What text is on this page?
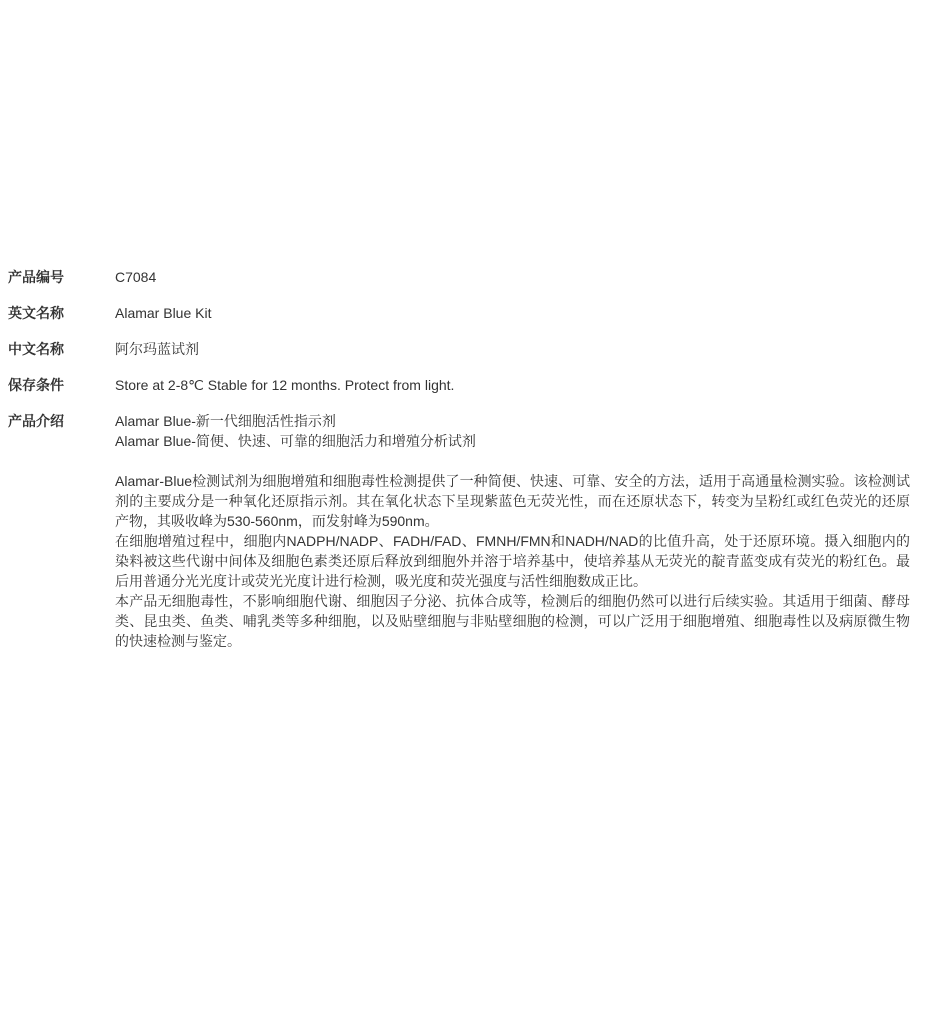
产品编号	C7084
英文名称	Alamar Blue Kit
中文名称	阿尔玛蓝试剂
保存条件	Store at 2-8℃ Stable for 12 months. Protect from light.
产品介绍	Alamar Blue-新一代细胞活性指示剂
Alamar Blue-简便、快速、可靠的细胞活力和增殖分析试剂
Alamar-Blue检测试剂为细胞增殖和细胞毒性检测提供了一种简便、快速、可靠、安全的方法，适用于高通量检测实验。该检测试剂的主要成分是一种氧化还原指示剂。其在氧化状态下呈现紫蓝色无荧光性，而在还原状态下，转变为呈粉红或红色荧光的还原产物，其吸收峰为530-560nm，而发射峰为590nm。
在细胞增殖过程中，细胞内NADPH/NADP、FADH/FAD、FMNH/FMN和NADH/NAD的比值升高，处于还原环境。摄入细胞内的染料被这些代谢中间体及细胞色素类还原后释放到细胞外并溶于培养基中，使培养基从无荧光的靛青蓝变成有荧光的粉红色。最后用普通分光光度计或荧光光度计进行检测，吸光度和荧光强度与活性细胞数成正比。
本产品无细胞毒性，不影响细胞代谢、细胞因子分泌、抗体合成等，检测后的细胞仍然可以进行后续实验。其适用于细菌、酵母类、昆虫类、鱼类、哺乳类等多种细胞，以及贴壁细胞与非贴壁细胞的检测，可以广泛用于细胞增殖、细胞毒性以及病原微生物的快速检测与鉴定。
